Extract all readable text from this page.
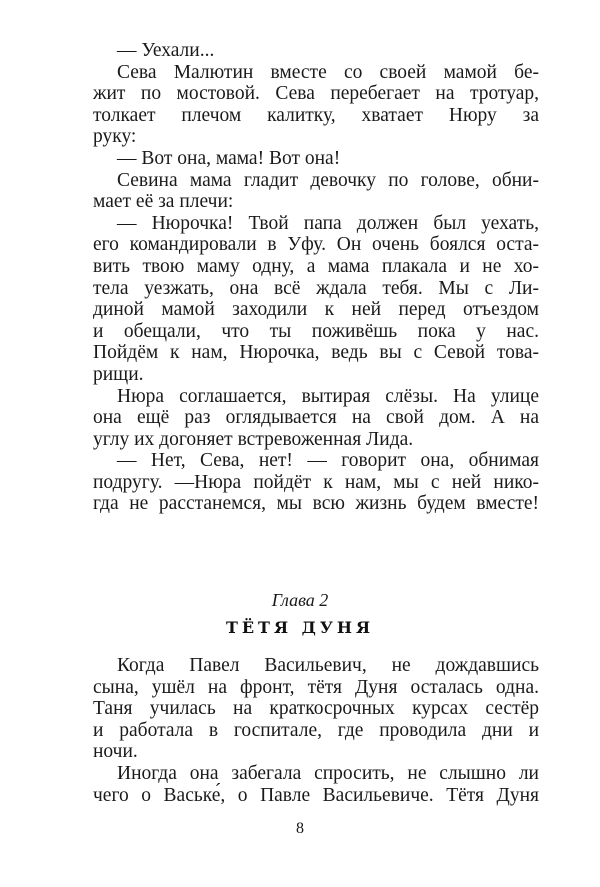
— Уехали...
Сева Малютин вместе со своей мамой бе-
жит по мостовой. Сева перебегает на тротуар,
толкает плечом калитку, хватает Нюру за
руку:
— Вот она, мама! Вот она!
Севина мама гладит девочку по голове, обни-
мает её за плечи:
— Нюрочка! Твой папа должен был уехать,
его командировали в Уфу. Он очень боялся оста-
вить твою маму одну, а мама плакала и не хо-
тела уезжать, она всё ждала тебя. Мы с Ли-
диной мамой заходили к ней перед отъездом
и обещали, что ты поживёшь пока у нас.
Пойдём к нам, Нюрочка, ведь вы с Севой това-
рищи.
Нюра соглашается, вытирая слёзы. На улице
она ещё раз оглядывается на свой дом. А на
углу их догоняет встревоженная Лида.
— Нет, Сева, нет! — говорит она, обнимая
подругу. —Нюра пойдёт к нам, мы с ней нико-
гда не расстанемся, мы всю жизнь будем вместе!
Глава 2
ТЁТЯ ДУНЯ
Когда Павел Васильевич, не дождавшись
сына, ушёл на фронт, тётя Дуня осталась одна.
Таня училась на краткосрочных курсах сестёр
и работала в госпитале, где проводила дни и
ночи.
Иногда она забегала спросить, не слышно ли
чего о Ваське́, о Павле Васильевиче. Тётя Дуня
8
